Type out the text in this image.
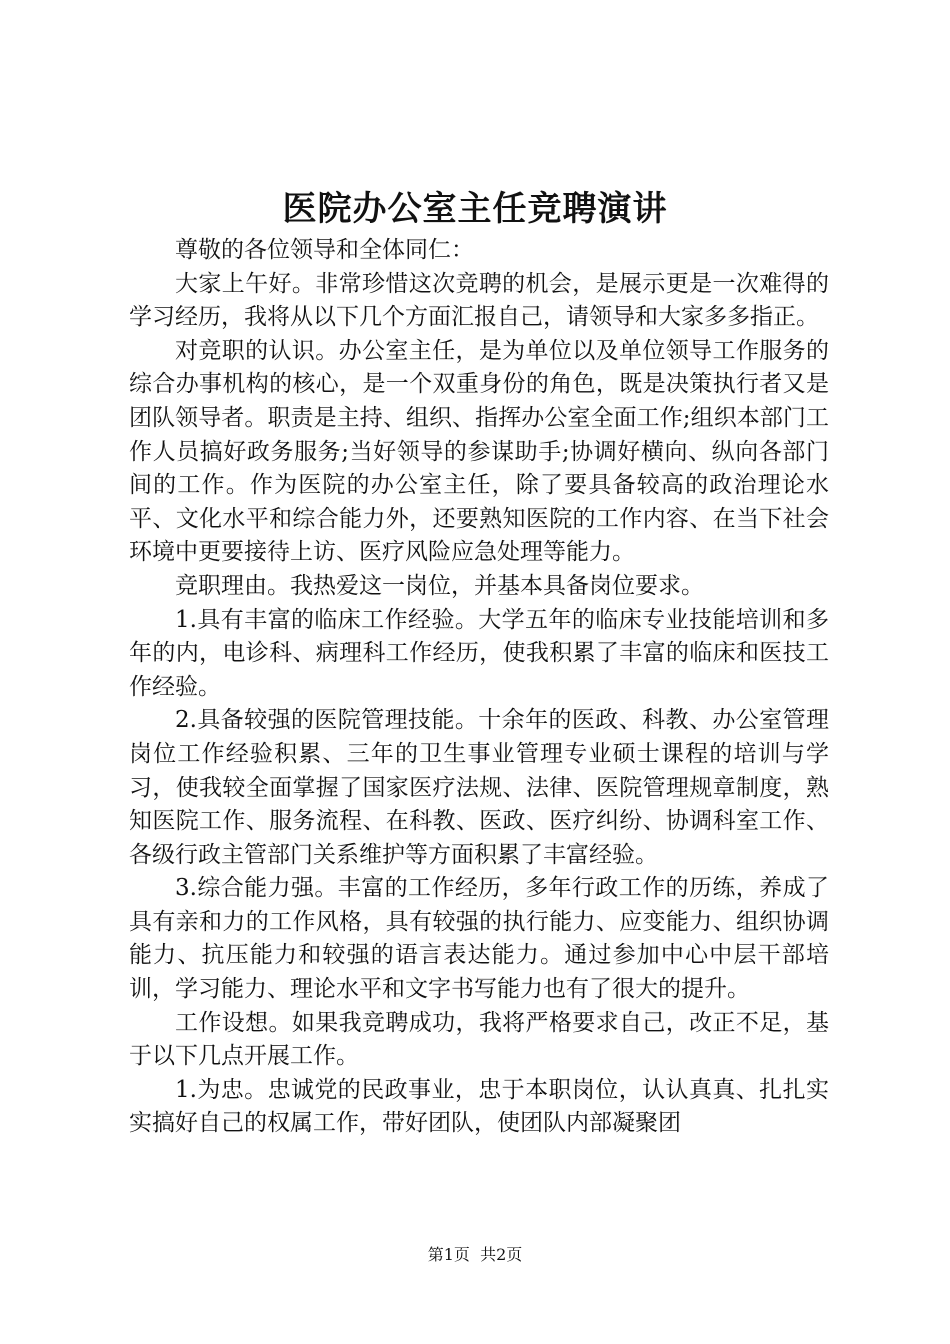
医院办公室主任竞聘演讲

尊敬的各位领导和全体同仁：

大家上午好。非常珍惜这次竞聘的机会，是展示更是一次难得的学习经历，我将从以下几个方面汇报自己，请领导和大家多多指正。

对竞职的认识。办公室主任，是为单位以及单位领导工作服务的综合办事机构的核心，是一个双重身份的角色，既是决策执行者又是团队领导者。职责是主持、组织、指挥办公室全面工作;组织本部门工作人员搞好政务服务;当好领导的参谋助手;协调好横向、纵向各部门间的工作。作为医院的办公室主任，除了要具备较高的政治理论水平、文化水平和综合能力外，还要熟知医院的工作内容、在当下社会环境中更要接待上访、医疗风险应急处理等能力。

竞职理由。我热爱这一岗位，并基本具备岗位要求。

1.具有丰富的临床工作经验。大学五年的临床专业技能培训和多年的内，电诊科、病理科工作经历，使我积累了丰富的临床和医技工作经验。

2.具备较强的医院管理技能。十余年的医政、科教、办公室管理岗位工作经验积累、三年的卫生事业管理专业硕士课程的培训与学习，使我较全面掌握了国家医疗法规、法律、医院管理规章制度，熟知医院工作、服务流程、在科教、医政、医疗纠纷、协调科室工作、各级行政主管部门关系维护等方面积累了丰富经验。

3.综合能力强。丰富的工作经历，多年行政工作的历练，养成了具有亲和力的工作风格，具有较强的执行能力、应变能力、组织协调能力、抗压能力和较强的语言表达能力。通过参加中心中层干部培训，学习能力、理论水平和文字书写能力也有了很大的提升。

工作设想。如果我竞聘成功，我将严格要求自己，改正不足，基于以下几点开展工作。

1.为忠。忠诚党的民政事业，忠于本职岗位，认认真真、扎扎实实搞好自己的权属工作，带好团队，使团队内部凝聚团

第1页 共2页
